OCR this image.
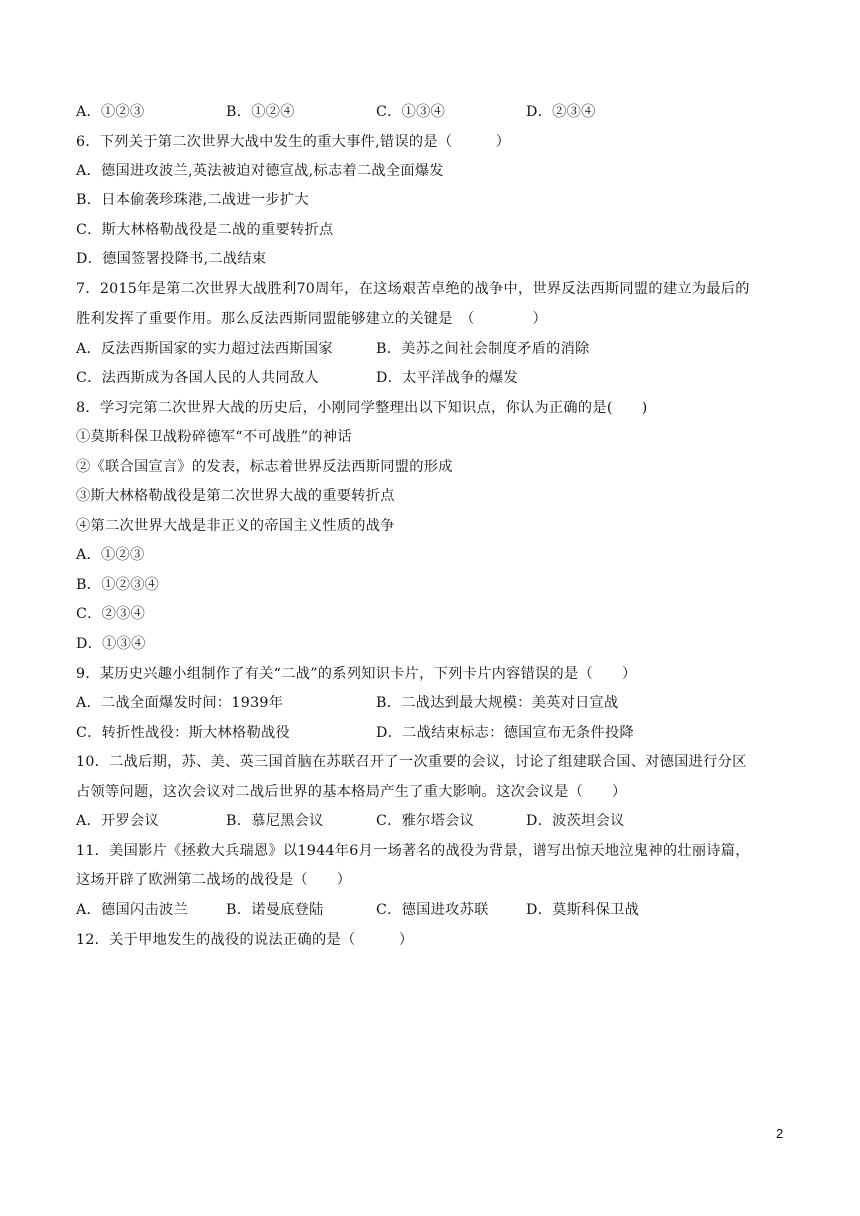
A．①②③	B．①②④	C．①③④	D．②③④
6．下列关于第二次世界大战中发生的重大事件,错误的是（　　　）
A．德国进攻波兰,英法被迫对德宣战,标志着二战全面爆发
B．日本偷袭珍珠港,二战进一步扩大
C．斯大林格勒战役是二战的重要转折点
D．德国签署投降书,二战结束
7．2015年是第二次世界大战胜利70周年，在这场艰苦卓绝的战争中，世界反法西斯同盟的建立为最后的
胜利发挥了重要作用。那么反法西斯同盟能够建立的关键是　（　　　　）
A．反法西斯国家的实力超过法西斯国家	B．美苏之间社会制度矛盾的消除
C．法西斯成为各国人民的人共同敌人	D．太平洋战争的爆发
8．学习完第二次世界大战的历史后，小刚同学整理出以下知识点，你认为正确的是(　　)
①莫斯科保卫战粉碎德军“不可战胜”的神话
②《联合国宣言》的发表，标志着世界反法西斯同盟的形成
③斯大林格勒战役是第二次世界大战的重要转折点
④第二次世界大战是非正义的帝国主义性质的战争
A．①②③
B．①②③④
C．②③④
D．①③④
9．某历史兴趣小组制作了有关“二战”的系列知识卡片，下列卡片内容错误的是（　　）
A．二战全面爆发时间：1939年	B．二战达到最大规模：美英对日宣战
C．转折性战役：斯大林格勒战役	D．二战结束标志：德国宣布无条件投降
10．二战后期，苏、美、英三国首脑在苏联召开了一次重要的会议，讨论了组建联合国、对德国进行分区
占领等问题，这次会议对二战后世界的基本格局产生了重大影响。这次会议是（　　）
A．开罗会议	B．慕尼黑会议	C．雅尔塔会议	D．波茨坦会议
11．美国影片《拯救大兵瑞恩》以1944年6月一场著名的战役为背景，谱写出惊天地泣鬼神的壮丽诗篇，
这场开辟了欧洲第二战场的战役是（　　）
A．德国闪击波兰	B．诺曼底登陆	C．德国进攻苏联	D．莫斯科保卫战
12．关于甲地发生的战役的说法正确的是（　　　）
2
